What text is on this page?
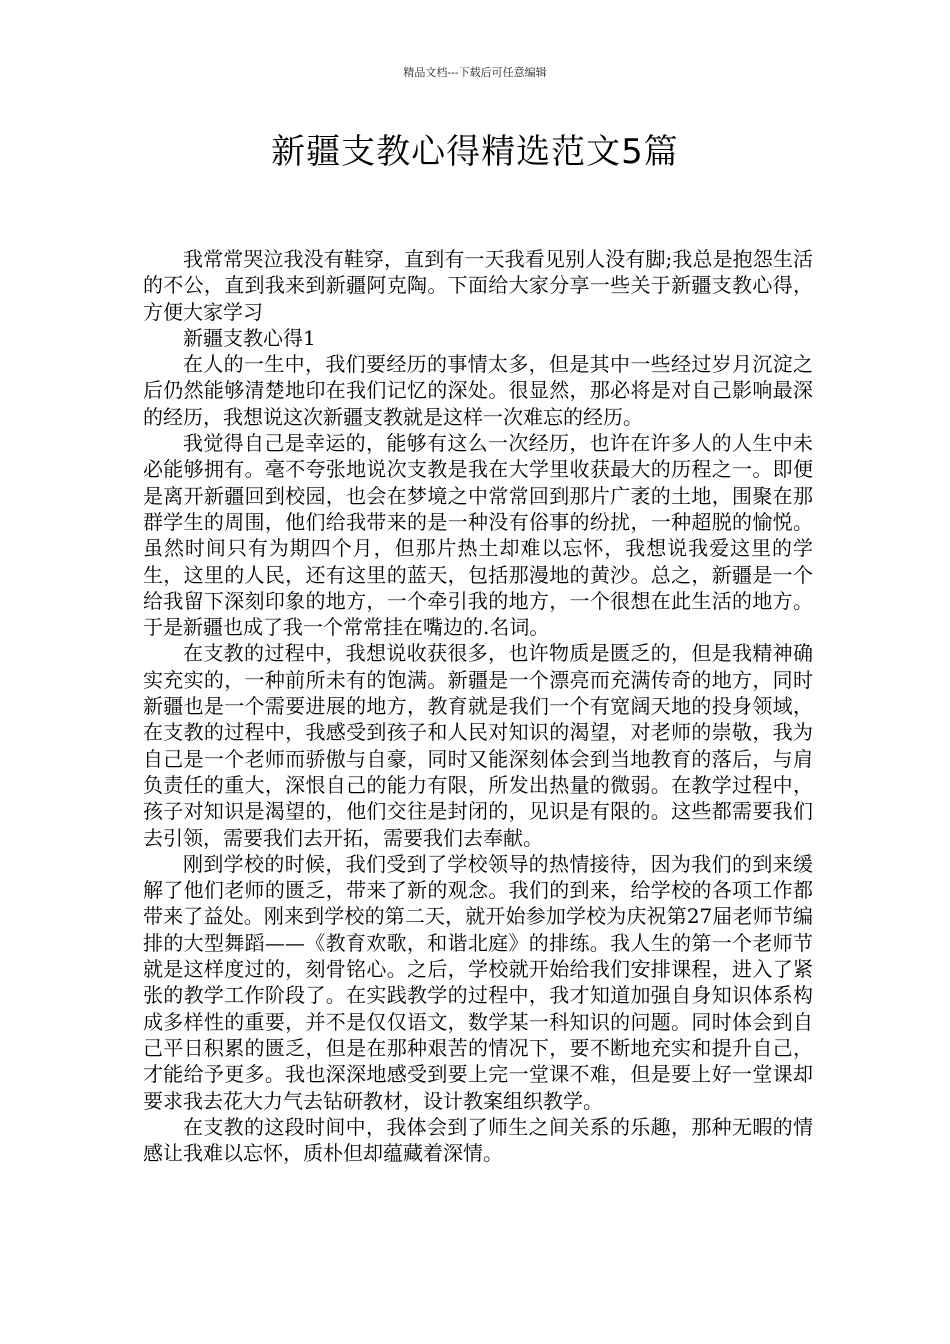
精品文档---下载后可任意编辑
新疆支教心得精选范文5篇

我常常哭泣我没有鞋穿，直到有一天我看见别人没有脚;我总是抱怨生活的不公，直到我来到新疆阿克陶。下面给大家分享一些关于新疆支教心得，方便大家学习

新疆支教心得1

在人的一生中，我们要经历的事情太多，但是其中一些经过岁月沉淀之后仍然能够清楚地印在我们记忆的深处。很显然，那必将是对自己影响最深的经历，我想说这次新疆支教就是这样一次难忘的经历。

我觉得自己是幸运的，能够有这么一次经历，也许在许多人的人生中未必能够拥有。毫不夸张地说次支教是我在大学里收获最大的历程之一。即便是离开新疆回到校园，也会在梦境之中常常回到那片广袤的土地，围聚在那群学生的周围，他们给我带来的是一种没有俗事的纷扰，一种超脱的愉悦。虽然时间只有为期四个月，但那片热土却难以忘怀，我想说我爱这里的学生，这里的人民，还有这里的蓝天，包括那漫地的黄沙。总之，新疆是一个给我留下深刻印象的地方，一个牵引我的地方，一个很想在此生活的地方。于是新疆也成了我一个常常挂在嘴边的.名词。

在支教的过程中，我想说收获很多，也许物质是匮乏的，但是我精神确实充实的，一种前所未有的饱满。新疆是一个漂亮而充满传奇的地方，同时新疆也是一个需要进展的地方，教育就是我们一个有宽阔天地的投身领域，在支教的过程中，我感受到孩子和人民对知识的渴望，对老师的崇敬，我为自己是一个老师而骄傲与自豪，同时又能深刻体会到当地教育的落后，与肩负责任的重大，深恨自己的能力有限，所发出热量的微弱。在教学过程中，孩子对知识是渴望的，他们交往是封闭的，见识是有限的。这些都需要我们去引领，需要我们去开拓，需要我们去奉献。

刚到学校的时候，我们受到了学校领导的热情接待，因为我们的到来缓解了他们老师的匮乏，带来了新的观念。我们的到来，给学校的各项工作都带来了益处。刚来到学校的第二天，就开始参加学校为庆祝第27届老师节编排的大型舞蹈——《教育欢歌，和谐北庭》的排练。我人生的第一个老师节就是这样度过的，刻骨铭心。之后，学校就开始给我们安排课程，进入了紧张的教学工作阶段了。在实践教学的过程中，我才知道加强自身知识体系构成多样性的重要，并不是仅仅语文，数学某一科知识的问题。同时体会到自己平日积累的匮乏，但是在那种艰苦的情况下，要不断地充实和提升自己，才能给予更多。我也深深地感受到要上完一堂课不难，但是要上好一堂课却要求我去花大力气去钻研教材，设计教案组织教学。

在支教的这段时间中，我体会到了师生之间关系的乐趣，那种无暇的情感让我难以忘怀，质朴但却蕴藏着深情。
